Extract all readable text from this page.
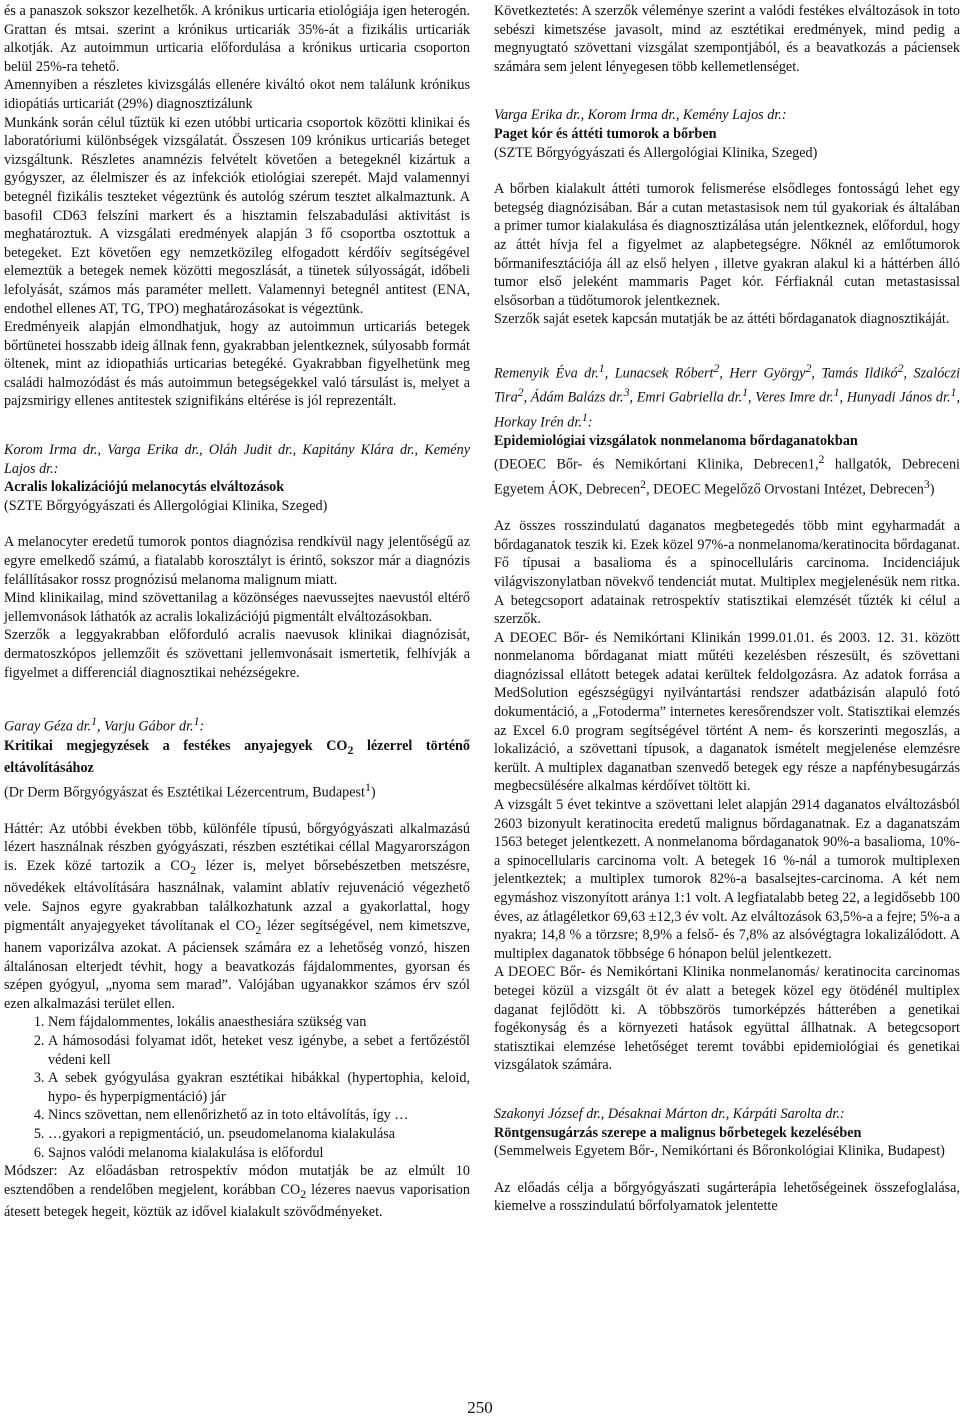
és a panaszok sokszor kezelhetők. A krónikus urticaria etiológiája igen heterogén. Grattan és mtsai. szerint a krónikus urticariák 35%-át a fizikális urticariák alkotják. Az autoimmun urticaria előfordulása a krónikus urticaria csoporton belül 25%-ra tehető.

Amennyiben a részletes kivizsgálás ellenére kiváltó okot nem találunk krónikus idiopátiás urticariát (29%) diagnosztizálunk

Munkánk során célul tűztük ki ezen utóbbi urticaria csoportok közötti klinikai és laboratóriumi különbségek vizsgálatát. Összesen 109 krónikus urticariás beteget vizsgáltunk. Részletes anamnézis felvételt követően a betegeknél kizártuk a gyógyszer, az élelmiszer és az infekciók etiológiai szerepét. Majd valamennyi betegnél fizikális teszteket végeztünk és autológ szérum tesztet alkalmaztunk. A basofil CD63 felszíni markert és a hisztamin felszabadulási aktivitást is meghatároztuk. A vizsgálati eredmények alapján 3 fő csoportba osztottuk a betegeket. Ezt követően egy nemzetközileg elfogadott kérdőív segítségével elemeztük a betegek nemek közötti megoszlását, a tünetek súlyosságát, időbeli lefolyását, számos más paraméter mellett. Valamennyi betegnél antitest (ENA, endothel ellenes AT, TG, TPO) meghatározásokat is végeztünk.

Eredményeik alapján elmondhatjuk, hogy az autoimmun urticariás betegek bőrtünetei hosszabb ideig állnak fenn, gyakrabban jelentkeznek, súlyosabb formát öltenek, mint az idiopathiás urticarias betegéké. Gyakrabban figyelhetünk meg családi halmozódást és más autoimmun betegségekkel való társulást is, melyet a pajzsmirigy ellenes antitestek szignifikáns eltérése is jól reprezentált.

Korom Irma dr., Varga Erika dr., Oláh Judit dr., Kapitány Klára dr., Kemény Lajos dr.:

Acralis lokalizációjú melanocytás elváltozások

(SZTE Bőrgyógyászati és Allergológiai Klinika, Szeged)

A melanocyter eredetű tumorok pontos diagnózisa rendkívül nagy jelentőségű az egyre emelkedő számú, a fiatalabb korosztályt is érintő, sokszor már a diagnózis felállításakor rossz prognózisú melanoma malignum miatt.

Mind klinikailag, mind szövettanilag a közönséges naevussejtes naevustól eltérő jellemvonások láthatók az acralis lokalizációjú pigmentált elváltozásokban.

Szerzők a leggyakrabban előforduló acralis naevusok klinikai diagnózisát, dermatoszkópos jellemzőit és szövettani jellemvonásait ismertetik, felhívják a figyelmet a differenciál diagnosztikai nehézségekre.

Garay Géza dr.$^1$, Varju Gábor dr.$^1$:

Kritikai megjegyzések a festékes anyajegyek $CO_2$ lézerrel történő eltávolításához

(Dr Derm Bőrgyógyászat és Esztétikai Lézercentrum, Budapest$^1$)

Háttér: Az utóbbi években több, különféle típusú, bőrgyógyászati alkalmazású lézert használnak részben gyógyászati, részben esztétikai céllal Magyarországon is. Ezek közé tartozik a $CO_2$ lézer is, melyet bőrsebészetben metszésre, növedékek eltávolítására használnak, valamint ablatív rejuvenáció végezhető vele. Sajnos egyre gyakrabban találkozhatunk azzal a gyakorlattal, hogy pigmentált anyajegyeket távolítanak el $CO_2$ lézer segítségével, nem kimetszve, hanem vaporizálva azokat. A páciensek számára ez a lehetőség vonzó, hiszen általánosan elterjedt tévhit, hogy a beavatkozás fájdalommentes, gyorsan és szépen gyógyul, „nyoma sem marad”. Valójában ugyanakkor számos érv szól ezen alkalmazási terület ellen.

1. Nem fájdalommentes, lokális anaesthesiára szükség van
2. A hámosodási folyamat időt, heteket vesz igénybe, a sebet a fertőzéstől védeni kell
3. A sebek gyógyulása gyakran esztétikai hibákkal (hypertophia, keloid, hypo- és hyperpigmentáció) jár
4. Nincs szövettan, nem ellenőrizhető az in toto eltávolítás, így …
5. …gyakori a repigmentáció, un. pseudomelanoma kialakulása
6. Sajnos valódi melanoma kialakulása is előfordul

Módszer: Az előadásban retrospektív módon mutatják be az elmúlt 10 esztendőben a rendelőben megjelent, korábban $CO_2$ lézeres naevus vaporisation átesett betegek hegeit, köztük az idővel kialakult szövődményeket.

Következtetés: A szerzők véleménye szerint a valódi festékes elváltozások in toto sebészi kimetszése javasolt, mind az esztétikai eredmények, mind pedig a megnyugtató szövettani vizsgálat szempontjából, és a beavatkozás a páciensek számára sem jelent lényegesen több kellemetlenséget.

Varga Erika dr., Korom Irma dr., Kemény Lajos dr.:

Paget kór és áttéti tumorok a bőrben

(SZTE Bőrgyógyászati és Allergológiai Klinika, Szeged)

A bőrben kialakult áttéti tumorok felismerése elsődleges fontosságú lehet egy betegség diagnózisában. Bár a cutan metastasisok nem túl gyakoriak és általában a primer tumor kialakulása és diagnosztizálása után jelentkeznek, előfordul, hogy az áttét hívja fel a figyelmet az alapbetegségre. Nőknél az emlőtumorok bőrmanifesztációja áll az első helyen , illetve gyakran alakul ki a háttérben álló tumor első jeleként mammaris Paget kór. Férfiaknál cutan metastasissal elsősorban a tüdőtumorok jelentkeznek.

Szerzők saját esetek kapcsán mutatják be az áttéti bőrdaganatok diagnosztikáját.

Remenyik Éva dr.$^1$, Lunacsek Róbert$^2$, Herr György$^2$, Tamás Ildikó$^2$, Szalóczi Tira$^2$, Ádám Balázs dr.$^3$, Emri Gabriella dr.$^1$, Veres Imre dr.$^1$, Hunyadi János dr.$^1$, Horkay Irén dr.$^1$:

Epidemiológiai vizsgálatok nonmelanoma bőrdaganatokban

(DEOEC Bőr- és Nemikórtani Klinika, Debrecen1,$^2$ hallgatók, Debreceni Egyetem ÁOK, Debrecen$^2$, DEOEC Megelőző Orvostani Intézet, Debrecen$^3$)

Az összes rosszindulatú daganatos megbetegedés több mint egyharmadát a bőrdaganatok teszik ki. Ezek közel 97%-a nonmelanoma/keratinocita bőrdaganat. Fő típusai a basalioma és a spinocelluláris carcinoma. Incidenciájuk világviszonylatban növekvő tendenciát mutat. Multiplex megjelenésük nem ritka. A betegcsoport adatainak retrospektív statisztikai elemzését tűzték ki célul a szerzők.

A DEOEC Bőr- és Nemikórtani Klinikán 1999.01.01. és 2003. 12. 31. között nonmelanoma bőrdaganat miatt műtéti kezelésben részesült, és szövettani diagnózissal ellátott betegek adatai kerültek feldolgozásra. Az adatok forrása a MedSolution egészségügyi nyilvántartási rendszer adatbázisán alapuló fotó dokumentáció, a „Fotoderma” internetes keresőrendszer volt. Statisztikai elemzés az Excel 6.0 program segítségével történt A nem- és korszerinti megoszlás, a lokalizáció, a szövettani típusok, a daganatok ismételt megjelenése elemzésre került. A multiplex daganatban szenvedő betegek egy része a napfénybesugárzás megbecsülésére alkalmas kérdőívet töltött ki.

A vizsgált 5 évet tekintve a szövettani lelet alapján 2914 daganatos elváltozásból 2603 bizonyult keratinocita eredetű malignus bőrdaganatnak. Ez a daganatszám 1563 beteget jelentkezett. A nonmelanoma bőrdaganatok 90%-a basalioma, 10%-a spinocellularis carcinoma volt. A betegek 16 %-nál a tumorok multiplexen jelentkeztek; a multiplex tumorok 82%-a basalsejtes-carcinoma. A két nem egymáshoz viszonyított aránya 1:1 volt. A legfiatalabb beteg 22, a legidősebb 100 éves, az átlagéletkor 69,63 ±12,3 év volt. Az elváltozások 63,5%-a a fejre; 5%-a a nyakra; 14,8 % a törzsre; 8,9% a felső- és 7,8% az alsóvégtagra lokalizálódott. A multiplex daganatok többsége 6 hónapon belül jelentkezett.

A DEOEC Bőr- és Nemikórtani Klinika nonmelanomás/ keratinocita carcinomas betegei közül a vizsgált öt év alatt a betegek közel egy ötödénél multiplex daganat fejlődött ki. A többszörös tumorképzés hátterében a genetikai fogékonyság és a környezeti hatások együttal állhatnak. A betegcsoport statisztikai elemzése lehetőséget teremt további epidemiológiai és genetikai vizsgálatok számára.

Szakonyi József dr., Désaknai Márton dr., Kárpáti Sarolta dr.:

Röntgensugárzás szerepe a malignus bőrbetegek kezelésében

(Semmelweis Egyetem Bőr-, Nemikórtani és Bőronkológiai Klinika, Budapest)

Az előadás célja a bőrgyógyászati sugárterápia lehetőségeinek összefoglalása, kiemelve a rosszindulatú bőrfolyamatok jelentette

250
